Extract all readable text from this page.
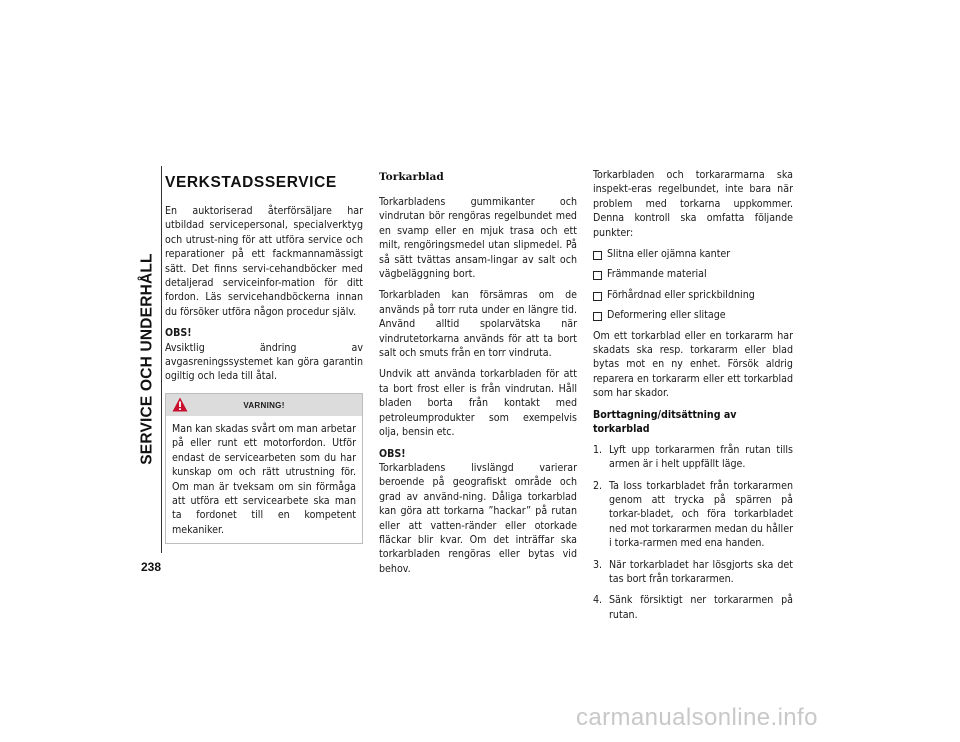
SERVICE OCH UNDERHÅLL
238
VERKSTADSSERVICE

En auktoriserad återförsäljare har utbildad servicepersonal, specialverktyg och utrust-ning för att utföra service och reparationer på ett fackmannamässigt sätt. Det finns servi-cehandböcker med detaljerad serviceinfor-mation för ditt fordon. Läs servicehandböckerna innan du försöker utföra någon procedur själv.

OBS!
Avsiktlig ändring av avgasreningssystemet kan göra garantin ogiltig och leda till åtal.

VARNING!
Man kan skadas svårt om man arbetar på eller runt ett motorfordon. Utför endast de servicearbeten som du har kunskap om och rätt utrustning för. Om man är tveksam om sin förmåga att utföra ett servicearbete ska man ta fordonet till en kompetent mekaniker.
Torkarblad

Torkarbladens gummikanter och vindrutan bör rengöras regelbundet med en svamp eller en mjuk trasa och ett milt, rengöringsmedel utan slipmedel. På så sätt tvättas ansam-lingar av salt och vägbeläggning bort.

Torkarbladen kan försämras om de används på torr ruta under en längre tid. Använd alltid spolarvätska när vindrutetorkarna används för att ta bort salt och smuts från en torr vindruta.

Undvik att använda torkarbladen för att ta bort frost eller is från vindrutan. Håll bladen borta från kontakt med petroleumprodukter som exempelvis olja, bensin etc.

OBS!
Torkarbladens livslängd varierar beroende på geografiskt område och grad av använd-ning. Dåliga torkarblad kan göra att torkarna ”hackar” på rutan eller att vatten-ränder eller otorkade fläckar blir kvar. Om det inträffar ska torkarbladen rengöras eller bytas vid behov.

Torkarbladen och torkararmarna ska inspekt-eras regelbundet, inte bara när problem med torkarna uppkommer. Denna kontroll ska omfatta följande punkter:

Slitna eller ojämna kanter
Främmande material
Förhårdnad eller sprickbildning
Deformering eller slitage

Om ett torkarblad eller en torkararm har skadats ska resp. torkararm eller blad bytas mot en ny enhet. Försök aldrig reparera en torkararm eller ett torkarblad som har skador.

Borttagning/ditsättning av torkarblad
1. Lyft upp torkararmen från rutan tills armen är i helt uppfällt läge.
2. Ta loss torkarbladet från torkararmen genom att trycka på spärren på torkar-bladet, och föra torkarbladet ned mot torkararmen medan du håller i torka-rarmen med ena handen.
3. När torkarbladet har lösgjorts ska det tas bort från torkararmen.
4. Sänk försiktigt ner torkararmen på rutan.
carmanualsonline.info
